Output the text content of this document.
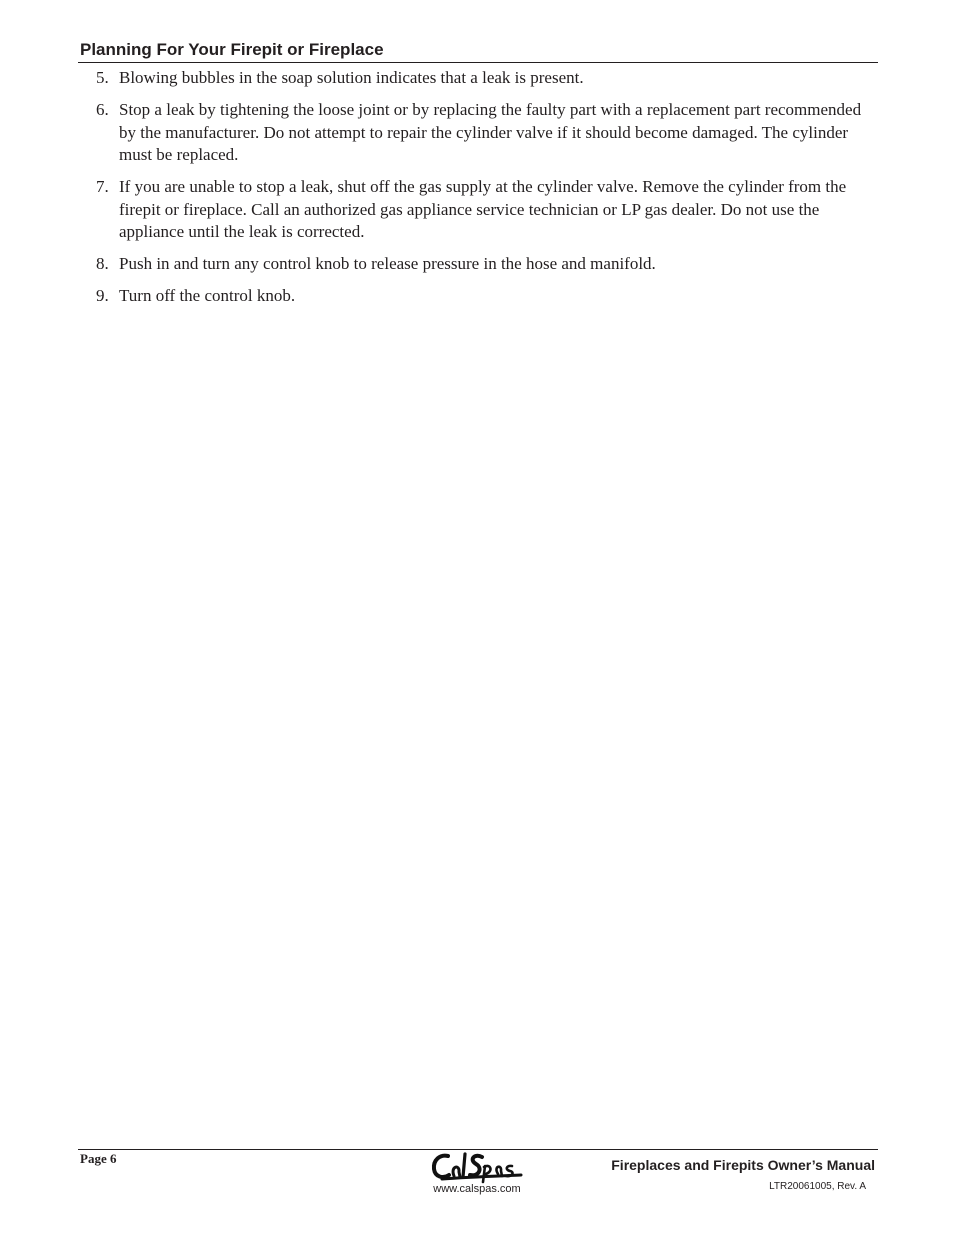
Planning For Your Firepit or Fireplace
5. Blowing bubbles in the soap solution indicates that a leak is present.
6. Stop a leak by tightening the loose joint or by replacing the faulty part with a replacement part recommended by the manufacturer. Do not attempt to repair the cylinder valve if it should become damaged. The cylinder must be replaced.
7. If you are unable to stop a leak, shut off the gas supply at the cylinder valve. Remove the cylinder from the firepit or fireplace. Call an authorized gas appliance service technician or LP gas dealer. Do not use the appliance until the leak is corrected.
8. Push in and turn any control knob to release pressure in the hose and manifold.
9. Turn off the control knob.
Page 6
www.calspas.com
Fireplaces and Firepits Owner’s Manual
LTR20061005, Rev. A
